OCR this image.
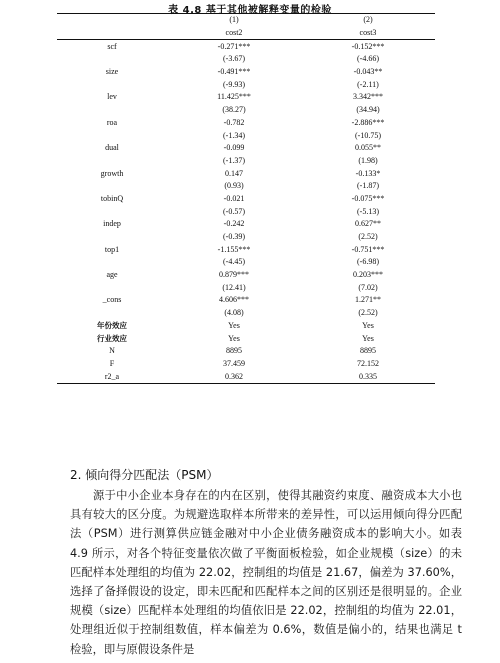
表 4.8 基于其他被解释变量的检验
	(1)	(2)
	cost2	cost3
scf	-0.271***	-0.152***
	(-3.67)	(-4.66)
size	-0.491***	-0.043**
	(-9.93)	(-2.11)
lev	11.425***	3.342***
	(38.27)	(34.94)
roa	-0.782	-2.886***
	(-1.34)	(-10.75)
dual	-0.099	0.055**
	(-1.37)	(1.98)
growth	0.147	-0.133*
	(0.93)	(-1.87)
tobinQ	-0.021	-0.075***
	(-0.57)	(-5.13)
indep	-0.242	0.627**
	(-0.39)	(2.52)
top1	-1.155***	-0.751***
	(-4.45)	(-6.98)
age	0.879***	0.203***
	(12.41)	(7.02)
_cons	4.606***	1.271**
	(4.08)	(2.52)
年份效应	Yes	Yes
行业效应	Yes	Yes
N	8895	8895
F	37.459	72.152
r2_a	0.362	0.335
2. 倾向得分匹配法（PSM）

源于中小企业本身存在的内在区别，使得其融资约束度、融资成本大小也具有较大的区分度。为规避选取样本所带来的差异性，可以运用倾向得分匹配法（PSM）进行测算供应链金融对中小企业债务融资成本的影响大小。如表 4.9 所示，对各个特征变量依次做了平衡面板检验，如企业规模（size）的未匹配样本处理组的均值为 22.02，控制组的均值是 21.67，偏差为 37.60%，选择了备择假设的设定，即未匹配和匹配样本之间的区别还是很明显的。企业规模（size）匹配样本处理组的均值依旧是 22.02，控制组的均值为 22.01，处理组近似于控制组数值，样本偏差为 0.6%，数值是偏小的，结果也满足 t 检验，即与原假设条件是
